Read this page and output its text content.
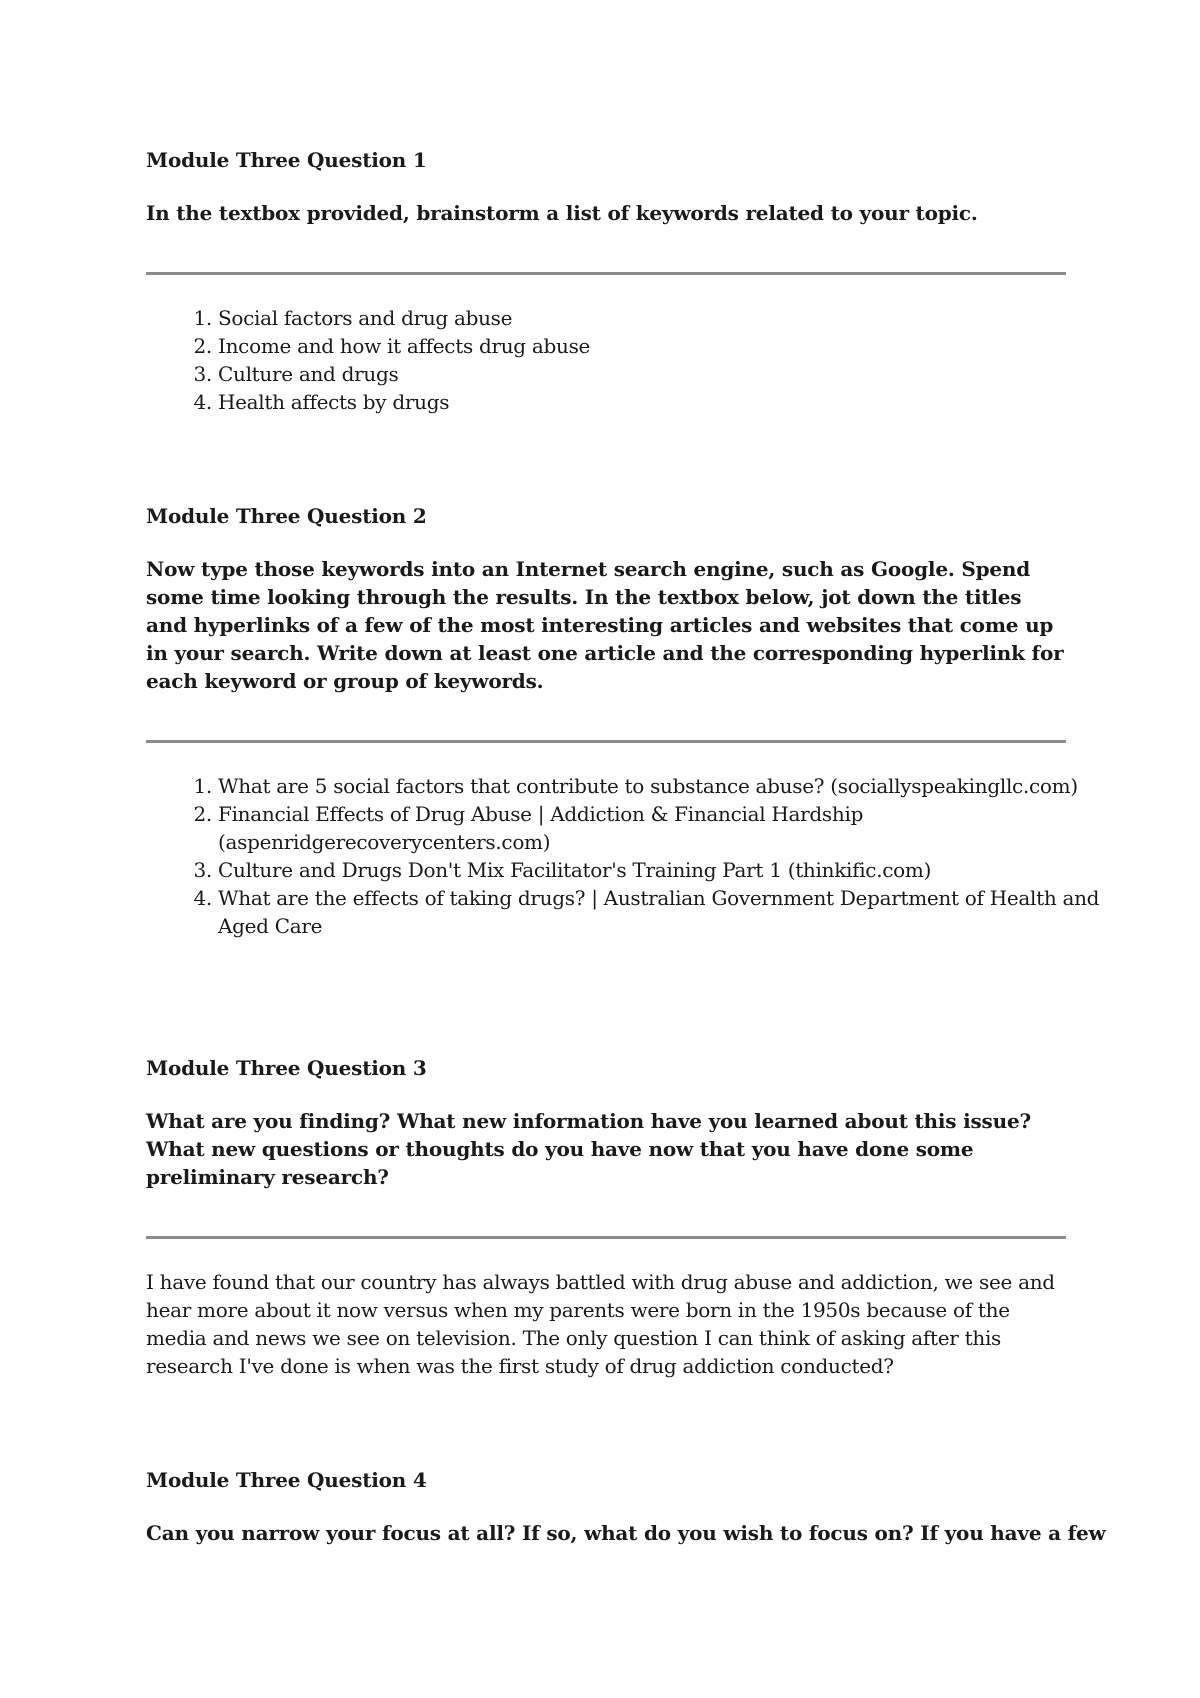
Module Three Question 1

In the textbox provided, brainstorm a list of keywords related to your topic.

1. Social factors and drug abuse
2. Income and how it affects drug abuse
3. Culture and drugs
4. Health affects by drugs

Module Three Question 2

Now type those keywords into an Internet search engine, such as Google. Spend some time looking through the results. In the textbox below, jot down the titles and hyperlinks of a few of the most interesting articles and websites that come up in your search. Write down at least one article and the corresponding hyperlink for each keyword or group of keywords.

1. What are 5 social factors that contribute to substance abuse? (sociallyspeakingllc.com)
2. Financial Effects of Drug Abuse | Addiction & Financial Hardship (aspenridgerecoverycenters.com)
3. Culture and Drugs Don't Mix Facilitator's Training Part 1 (thinkific.com)
4. What are the effects of taking drugs? | Australian Government Department of Health and Aged Care

Module Three Question 3

What are you finding? What new information have you learned about this issue? What new questions or thoughts do you have now that you have done some preliminary research?

I have found that our country has always battled with drug abuse and addiction, we see and hear more about it now versus when my parents were born in the 1950s because of the media and news we see on television. The only question I can think of asking after this research I've done is when was the first study of drug addiction conducted?

Module Three Question 4

Can you narrow your focus at all? If so, what do you wish to focus on? If you have a few
